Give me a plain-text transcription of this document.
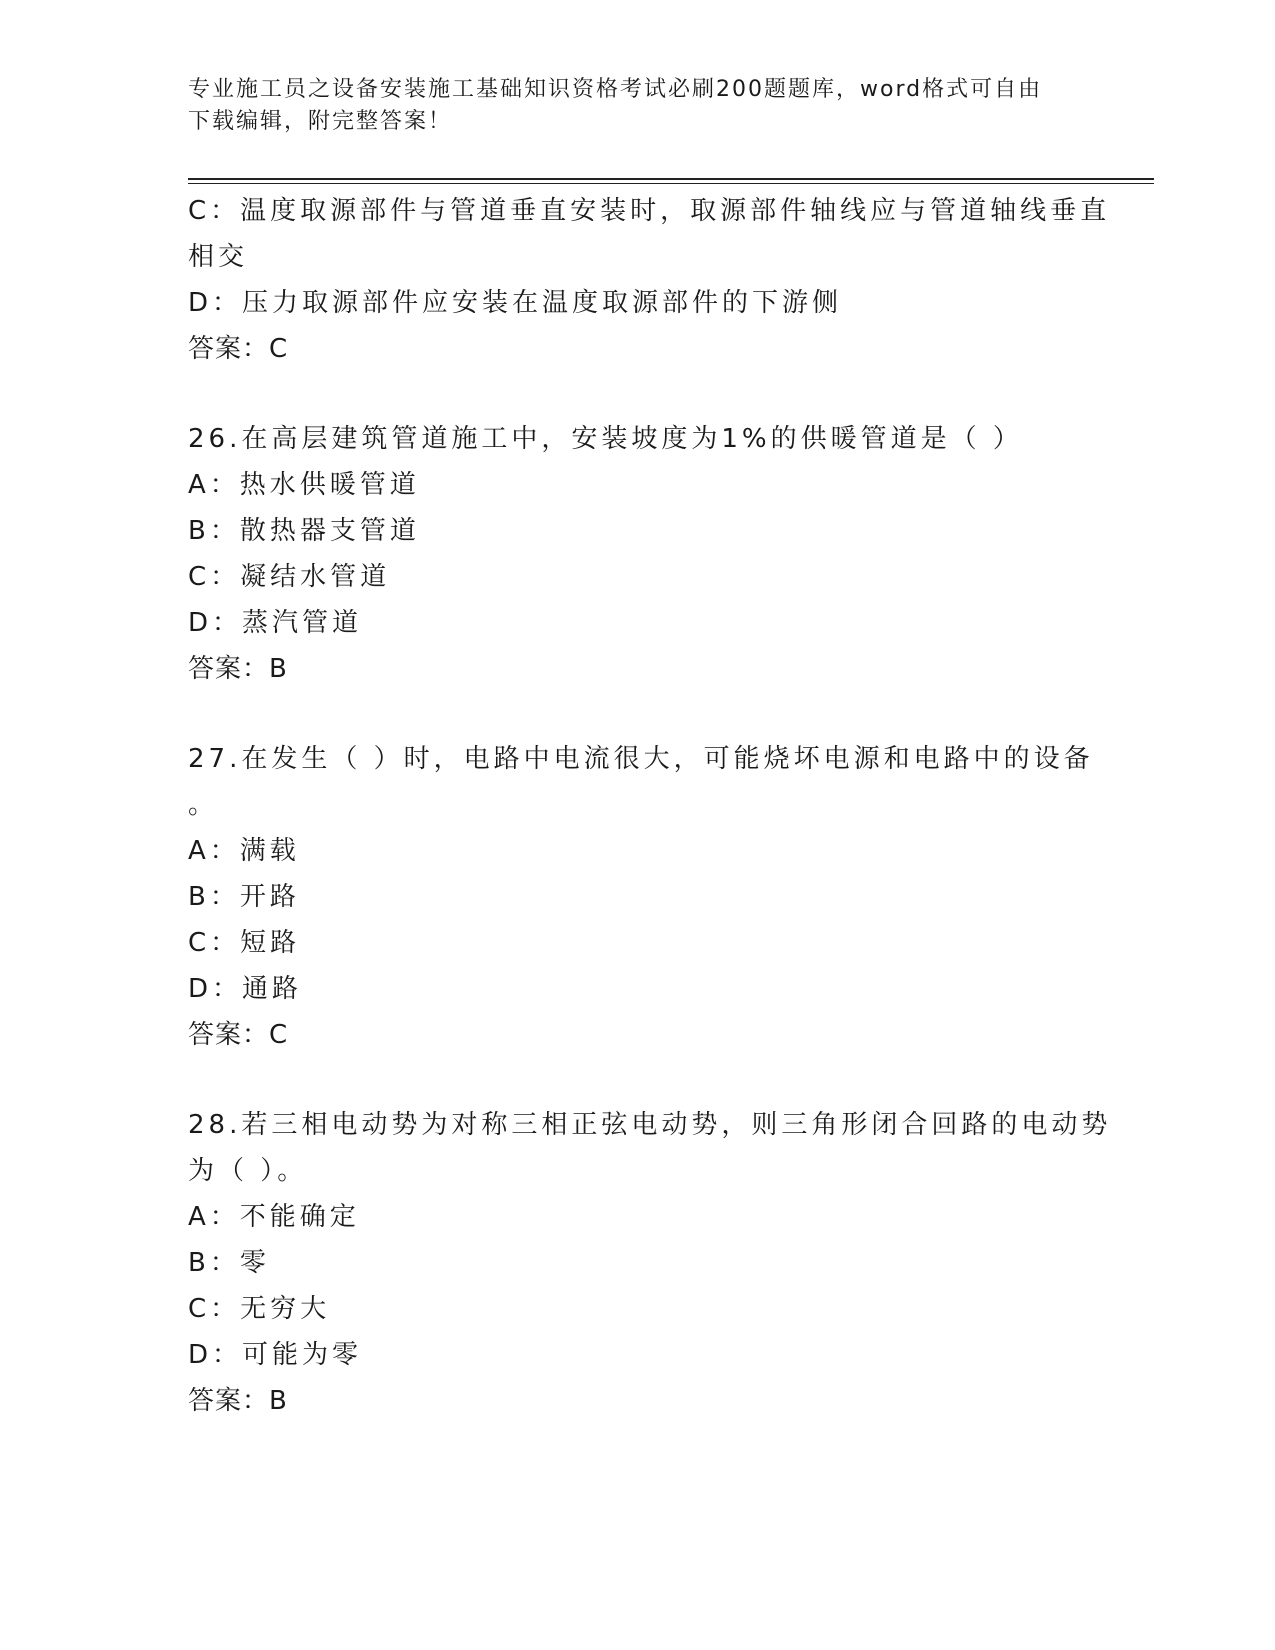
专业施工员之设备安装施工基础知识资格考试必刷200题题库，word格式可自由
下载编辑，附完整答案！
C：温度取源部件与管道垂直安装时，取源部件轴线应与管道轴线垂直
相交
D：压力取源部件应安装在温度取源部件的下游侧
答案：C
26.在高层建筑管道施工中，安装坡度为1%的供暖管道是（ ）
A：热水供暖管道
B：散热器支管道
C：凝结水管道
D：蒸汽管道
答案：B
27.在发生（ ）时，电路中电流很大，可能烧坏电源和电路中的设备
。
A：满载
B：开路
C：短路
D：通路
答案：C
28.若三相电动势为对称三相正弦电动势，则三角形闭合回路的电动势
为（ ）。
A：不能确定
B：零
C：无穷大
D：可能为零
答案：B
